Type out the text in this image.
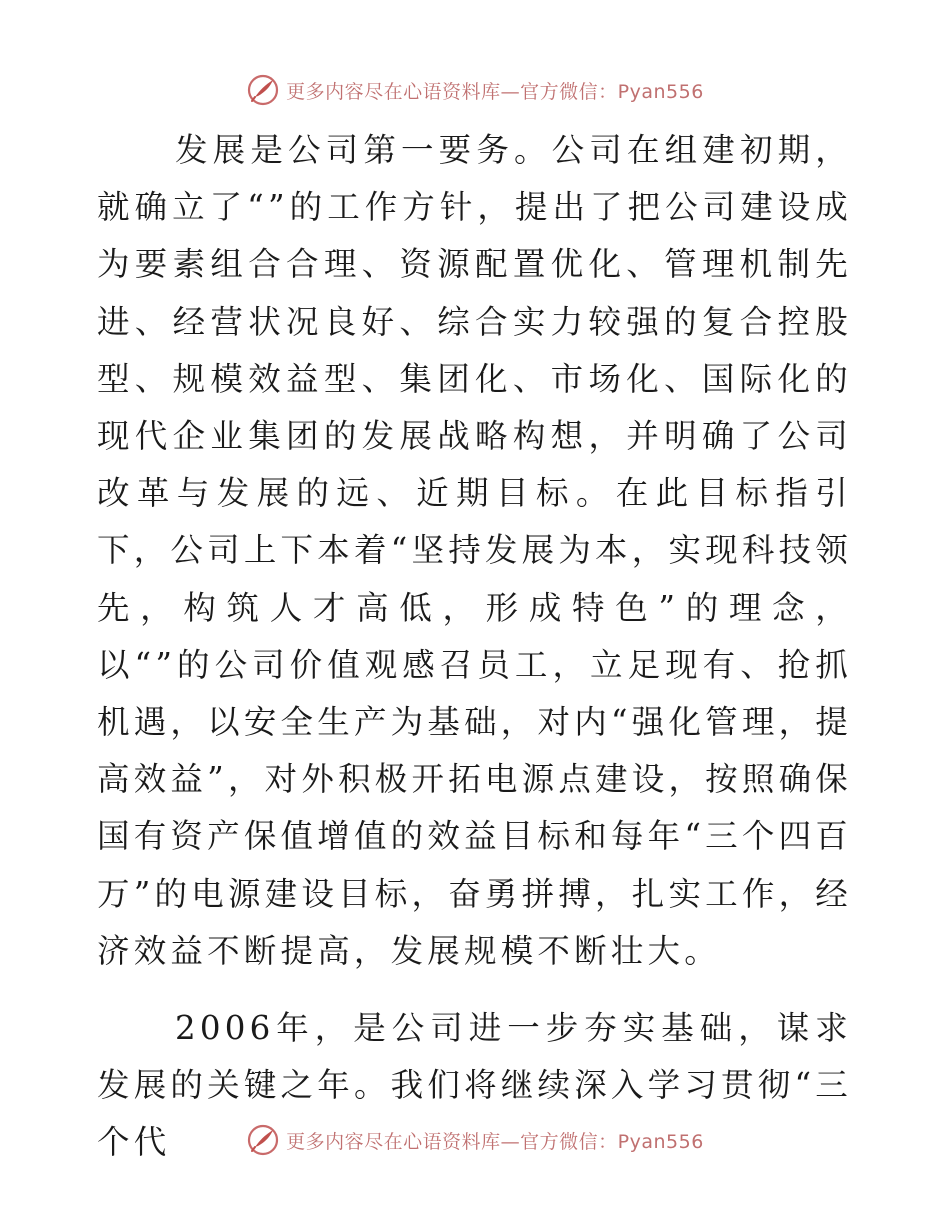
更多内容尽在心语资料库—官方微信：Pyan556

发展是公司第一要务。公司在组建初期，就确立了“”的工作方针，提出了把公司建设成为要素组合合理、资源配置优化、管理机制先进、经营状况良好、综合实力较强的复合控股型、规模效益型、集团化、市场化、国际化的现代企业集团的发展战略构想，并明确了公司改革与发展的远、近期目标。在此目标指引下，公司上下本着“坚持发展为本，实现科技领先，构筑人才高低，形成特色”的理念，以“”的公司价值观感召员工，立足现有、抢抓机遇，以安全生产为基础，对内“强化管理，提高效益”，对外积极开拓电源点建设，按照确保国有资产保值增值的效益目标和每年“三个四百万”的电源建设目标，奋勇拼搏，扎实工作，经济效益不断提高，发展规模不断壮大。

2006年，是公司进一步夯实基础，谋求发展的关键之年。我们将继续深入学习贯彻“三个代	更多内容尽在心语资料库—官方微信：Pyan556
